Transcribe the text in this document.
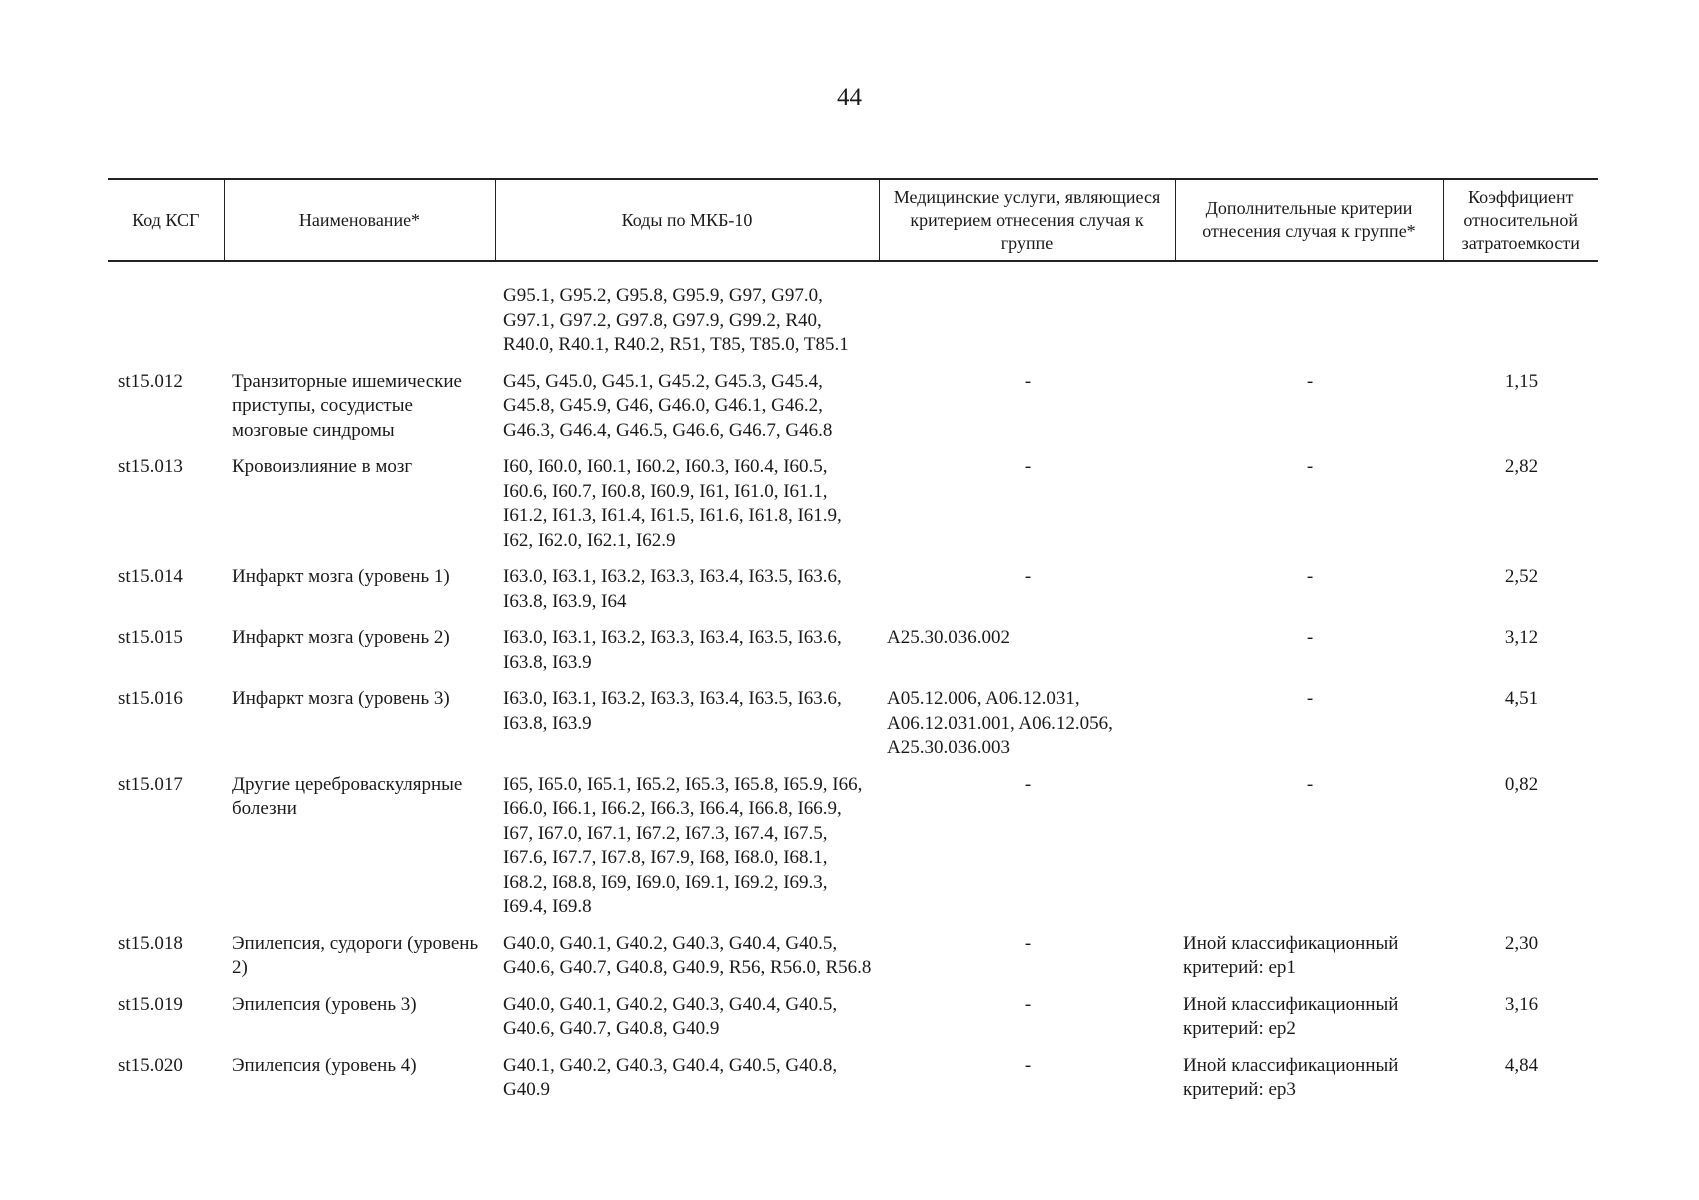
44
Код КСГ	Наименование*	Коды по МКБ-10	Медицинские услуги, являющиеся критерием отнесения случая к группе	Дополнительные критерии отнесения случая к группе*	Коэффициент относительной затратоемкости
		G95.1, G95.2, G95.8, G95.9, G97, G97.0, G97.1, G97.2, G97.8, G97.9, G99.2, R40, R40.0, R40.1, R40.2, R51, T85, T85.0, T85.1			
st15.012	Транзиторные ишемические приступы, сосудистые мозговые синдромы	G45, G45.0, G45.1, G45.2, G45.3, G45.4, G45.8, G45.9, G46, G46.0, G46.1, G46.2, G46.3, G46.4, G46.5, G46.6, G46.7, G46.8	-	-	1,15
st15.013	Кровоизлияние в мозг	I60, I60.0, I60.1, I60.2, I60.3, I60.4, I60.5, I60.6, I60.7, I60.8, I60.9, I61, I61.0, I61.1, I61.2, I61.3, I61.4, I61.5, I61.6, I61.8, I61.9, I62, I62.0, I62.1, I62.9	-	-	2,82
st15.014	Инфаркт мозга (уровень 1)	I63.0, I63.1, I63.2, I63.3, I63.4, I63.5, I63.6, I63.8, I63.9, I64	-	-	2,52
st15.015	Инфаркт мозга (уровень 2)	I63.0, I63.1, I63.2, I63.3, I63.4, I63.5, I63.6, I63.8, I63.9	A25.30.036.002	-	3,12
st15.016	Инфаркт мозга (уровень 3)	I63.0, I63.1, I63.2, I63.3, I63.4, I63.5, I63.6, I63.8, I63.9	A05.12.006, A06.12.031, A06.12.031.001, A06.12.056, A25.30.036.003	-	4,51
st15.017	Другие цереброваскулярные болезни	I65, I65.0, I65.1, I65.2, I65.3, I65.8, I65.9, I66, I66.0, I66.1, I66.2, I66.3, I66.4, I66.8, I66.9, I67, I67.0, I67.1, I67.2, I67.3, I67.4, I67.5, I67.6, I67.7, I67.8, I67.9, I68, I68.0, I68.1, I68.2, I68.8, I69, I69.0, I69.1, I69.2, I69.3, I69.4, I69.8	-	-	0,82
st15.018	Эпилепсия, судороги (уровень 2)	G40.0, G40.1, G40.2, G40.3, G40.4, G40.5, G40.6, G40.7, G40.8, G40.9, R56, R56.0, R56.8	-	Иной классификационный критерий: ep1	2,30
st15.019	Эпилепсия (уровень 3)	G40.0, G40.1, G40.2, G40.3, G40.4, G40.5, G40.6, G40.7, G40.8, G40.9	-	Иной классификационный критерий: ep2	3,16
st15.020	Эпилепсия (уровень 4)	G40.1, G40.2, G40.3, G40.4, G40.5, G40.8, G40.9	-	Иной классификационный критерий: ep3	4,84
